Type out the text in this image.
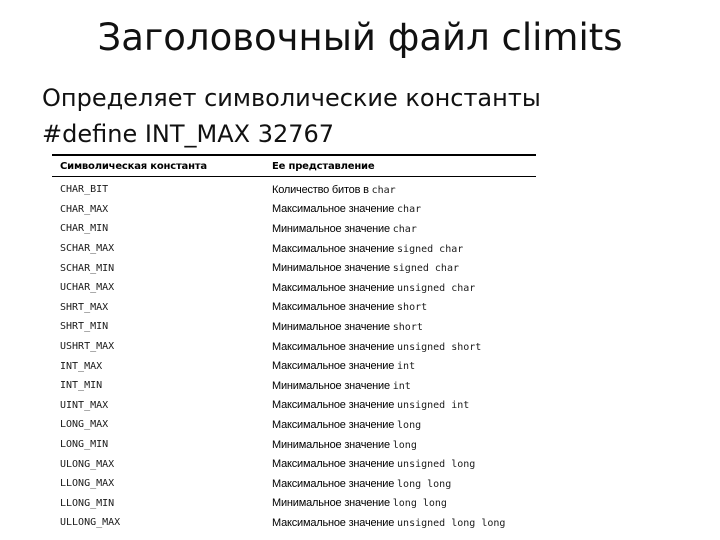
Заголовочный файл climits
Определяет символические константы
#define INT_MAX 32767
Символическая константа	Ее представление
CHAR_BIT	Количество битов в char
CHAR_MAX	Максимальное значение char
CHAR_MIN	Минимальное значение char
SCHAR_MAX	Максимальное значение signed char
SCHAR_MIN	Минимальное значение signed char
UCHAR_MAX	Максимальное значение unsigned char
SHRT_MAX	Максимальное значение short
SHRT_MIN	Минимальное значение short
USHRT_MAX	Максимальное значение unsigned short
INT_MAX	Максимальное значение int
INT_MIN	Минимальное значение int
UINT_MAX	Максимальное значение unsigned int
LONG_MAX	Максимальное значение long
LONG_MIN	Минимальное значение long
ULONG_MAX	Максимальное значение unsigned long
LLONG_MAX	Максимальное значение long long
LLONG_MIN	Минимальное значение long long
ULLONG_MAX	Максимальное значение unsigned long long
